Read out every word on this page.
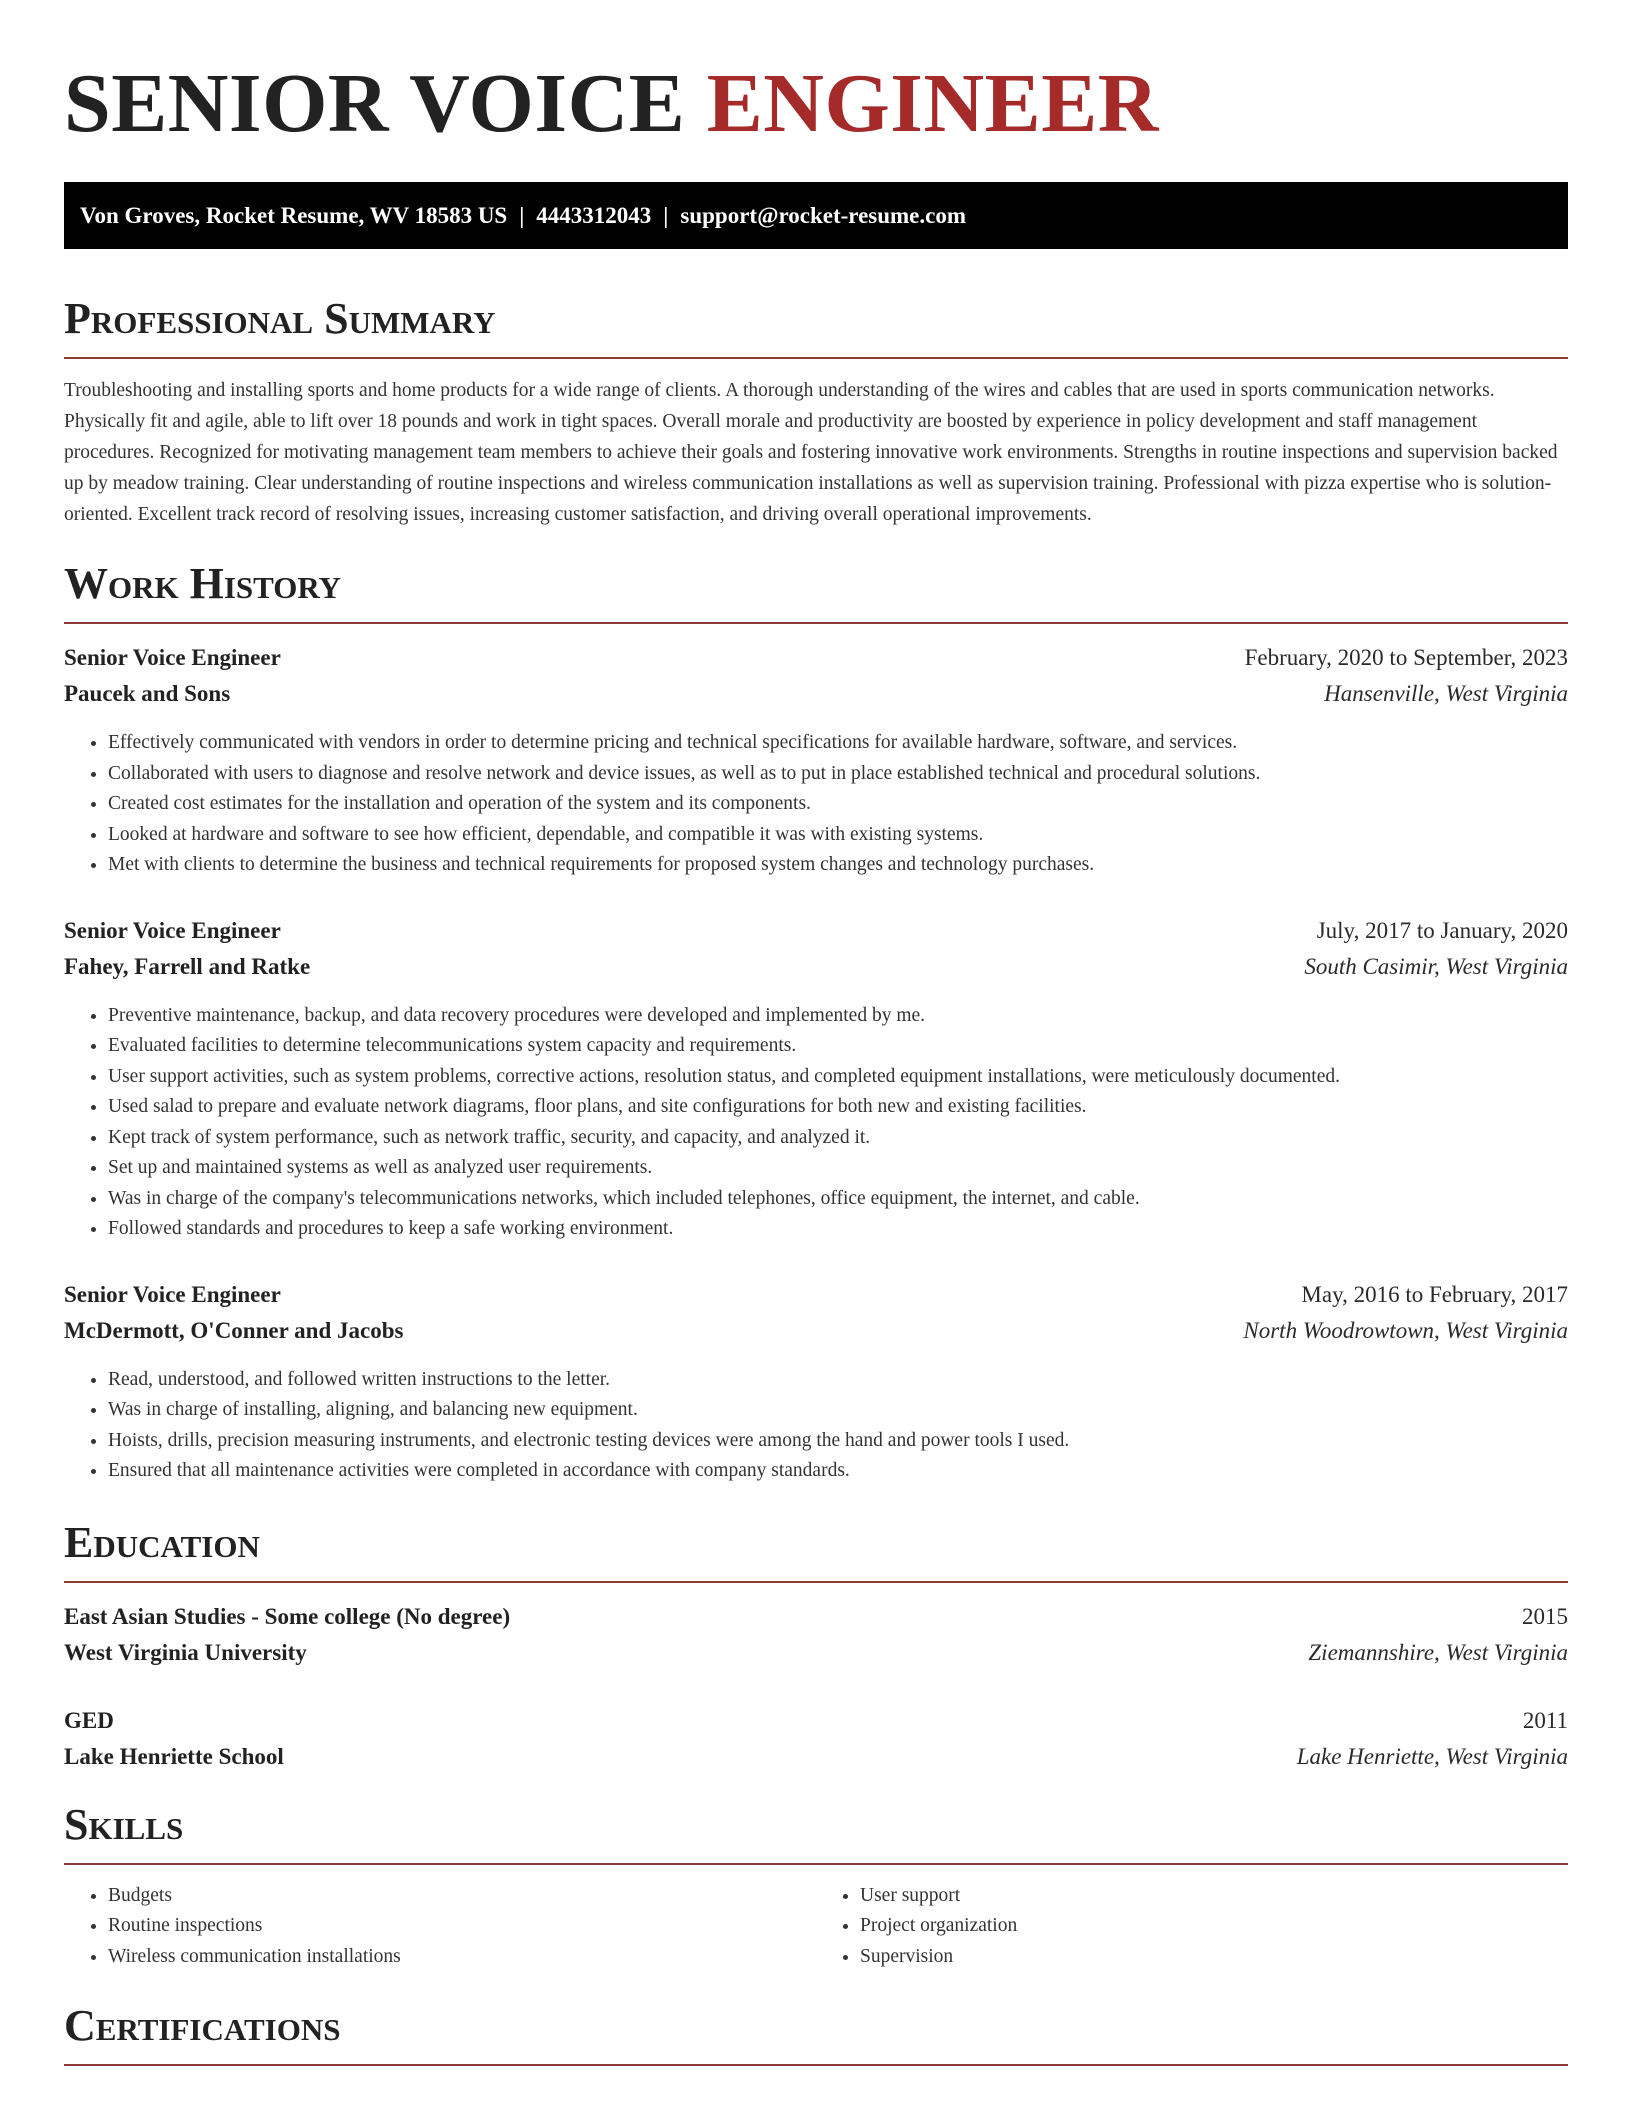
SENIOR VOICE ENGINEER
Von Groves, Rocket Resume, WV 18583 US | 4443312043 | support@rocket-resume.com
Professional Summary

Troubleshooting and installing sports and home products for a wide range of clients. A thorough understanding of the wires and cables that are used in sports communication networks. Physically fit and agile, able to lift over 18 pounds and work in tight spaces. Overall morale and productivity are boosted by experience in policy development and staff management procedures. Recognized for motivating management team members to achieve their goals and fostering innovative work environments. Strengths in routine inspections and supervision backed up by meadow training. Clear understanding of routine inspections and wireless communication installations as well as supervision training. Professional with pizza expertise who is solution-oriented. Excellent track record of resolving issues, increasing customer satisfaction, and driving overall operational improvements.

Work History
Senior Voice Engineer	February, 2020 to September, 2023
Paucek and Sons	Hansenville, West Virginia
• Effectively communicated with vendors in order to determine pricing and technical specifications for available hardware, software, and services.
• Collaborated with users to diagnose and resolve network and device issues, as well as to put in place established technical and procedural solutions.
• Created cost estimates for the installation and operation of the system and its components.
• Looked at hardware and software to see how efficient, dependable, and compatible it was with existing systems.
• Met with clients to determine the business and technical requirements for proposed system changes and technology purchases.
Senior Voice Engineer	July, 2017 to January, 2020
Fahey, Farrell and Ratke	South Casimir, West Virginia
• Preventive maintenance, backup, and data recovery procedures were developed and implemented by me.
• Evaluated facilities to determine telecommunications system capacity and requirements.
• User support activities, such as system problems, corrective actions, resolution status, and completed equipment installations, were meticulously documented.
• Used salad to prepare and evaluate network diagrams, floor plans, and site configurations for both new and existing facilities.
• Kept track of system performance, such as network traffic, security, and capacity, and analyzed it.
• Set up and maintained systems as well as analyzed user requirements.
• Was in charge of the company's telecommunications networks, which included telephones, office equipment, the internet, and cable.
• Followed standards and procedures to keep a safe working environment.
Senior Voice Engineer	May, 2016 to February, 2017
McDermott, O'Conner and Jacobs	North Woodrowtown, West Virginia
• Read, understood, and followed written instructions to the letter.
• Was in charge of installing, aligning, and balancing new equipment.
• Hoists, drills, precision measuring instruments, and electronic testing devices were among the hand and power tools I used.
• Ensured that all maintenance activities were completed in accordance with company standards.
Education
East Asian Studies - Some college (No degree)	2015
West Virginia University	Ziemannshire, West Virginia
GED	2011
Lake Henriette School	Lake Henriette, West Virginia
Skills
• Budgets
• Routine inspections
• Wireless communication installations
• User support
• Project organization
• Supervision
Certifications
